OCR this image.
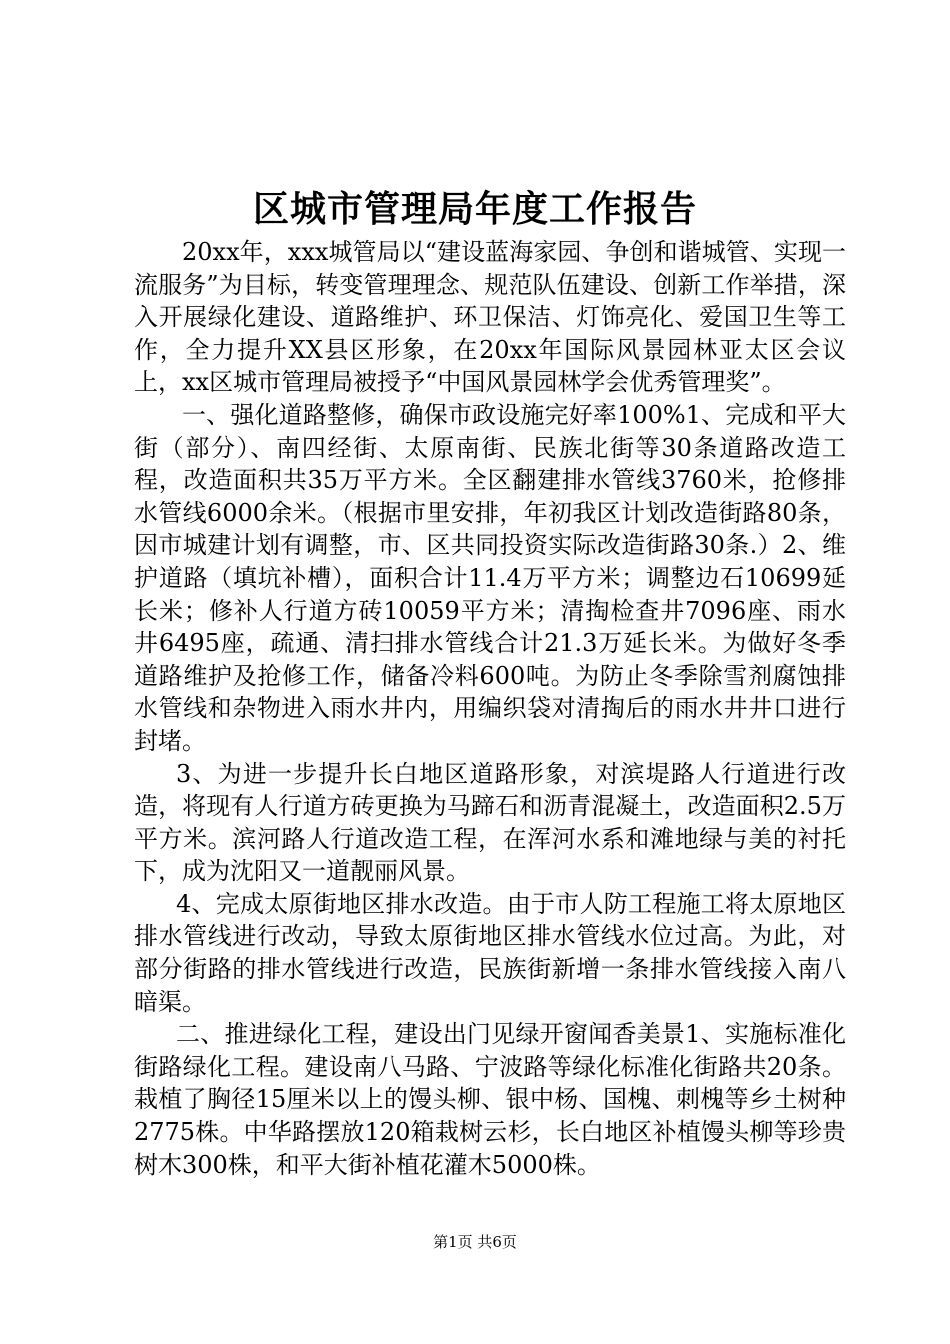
区城市管理局年度工作报告

20xx年，xxx城管局以“建设蓝海家园、争创和谐城管、实现一流服务”为目标，转变管理理念、规范队伍建设、创新工作举措，深入开展绿化建设、道路维护、环卫保洁、灯饰亮化、爱国卫生等工作，全力提升XX县区形象，在20xx年国际风景园林亚太区会议上，xx区城市管理局被授予“中国风景园林学会优秀管理奖”。

一、强化道路整修，确保市政设施完好率100%1、完成和平大街（部分）、南四经街、太原南街、民族北街等30条道路改造工程，改造面积共35万平方米。全区翻建排水管线3760米，抢修排水管线6000余米。（根据市里安排，年初我区计划改造街路80条，因市城建计划有调整，市、区共同投资实际改造街路30条.）2、维护道路（填坑补槽），面积合计11.4万平方米；调整边石10699延长米；修补人行道方砖10059平方米；清掏检查井7096座、雨水井6495座，疏通、清扫排水管线合计21.3万延长米。为做好冬季道路维护及抢修工作，储备冷料600吨。为防止冬季除雪剂腐蚀排水管线和杂物进入雨水井内，用编织袋对清掏后的雨水井井口进行封堵。

3、为进一步提升长白地区道路形象，对滨堤路人行道进行改造，将现有人行道方砖更换为马蹄石和沥青混凝土，改造面积2.5万平方米。滨河路人行道改造工程，在浑河水系和滩地绿与美的衬托下，成为沈阳又一道靓丽风景。

4、完成太原街地区排水改造。由于市人防工程施工将太原地区排水管线进行改动，导致太原街地区排水管线水位过高。为此，对部分街路的排水管线进行改造，民族街新增一条排水管线接入南八暗渠。

二、推进绿化工程，建设出门见绿开窗闻香美景1、实施标准化街路绿化工程。建设南八马路、宁波路等绿化标准化街路共20条。栽植了胸径15厘米以上的馒头柳、银中杨、国槐、刺槐等乡土树种2775株。中华路摆放120箱栽树云杉，长白地区补植馒头柳等珍贵树木300株，和平大街补植花灌木5000株。

第1页 共6页
